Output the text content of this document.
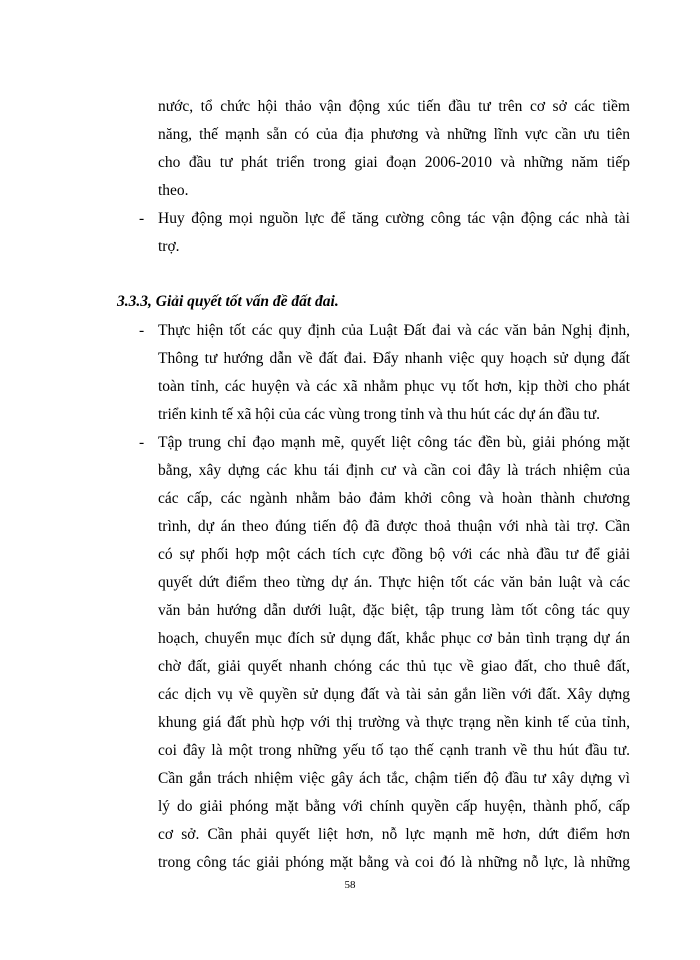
nước, tổ chức hội thảo vận động xúc tiến đầu tư trên cơ sở các tiềm
năng, thế mạnh sẵn có của địa phương và những lĩnh vực cần ưu tiên
cho đầu tư phát triển trong giai đoạn 2006-2010 và những năm tiếp
theo.
- Huy động mọi nguồn lực để tăng cường công tác vận động các nhà tài
trợ.
3.3.3, Giải quyết tốt vấn đề đất đai.
- Thực hiện tốt các quy định của Luật Đất đai và các văn bản Nghị định,
Thông tư hướng dẫn về đất đai. Đẩy nhanh việc quy hoạch sử dụng đất
toàn tỉnh, các huyện và các xã nhằm phục vụ tốt hơn, kịp thời cho phát
triển kinh tế xã hội của các vùng trong tỉnh và thu hút các dự án đầu tư.
- Tập trung chỉ đạo mạnh mẽ, quyết liệt công tác đền bù, giải phóng mặt
bằng, xây dựng các khu tái định cư và cần coi đây là trách nhiệm của
các cấp, các ngành nhằm bảo đảm khởi công và hoàn thành chương
trình, dự án theo đúng tiến độ đã được thoả thuận với nhà tài trợ. Cần
có sự phối hợp một cách tích cực đồng bộ với các nhà đầu tư để giải
quyết dứt điểm theo từng dự án. Thực hiện tốt các văn bản luật và các
văn bản hướng dẫn dưới luật, đặc biệt, tập trung làm tốt công tác quy
hoạch, chuyển mục đích sử dụng đất, khắc phục cơ bản tình trạng dự án
chờ đất, giải quyết nhanh chóng các thủ tục về giao đất, cho thuê đất,
các dịch vụ về quyền sử dụng đất và tài sản gắn liền với đất. Xây dựng
khung giá đất phù hợp với thị trường và thực trạng nền kinh tế của tỉnh,
coi đây là một trong những yếu tố tạo thế cạnh tranh về thu hút đầu tư.
Cần gắn trách nhiệm việc gây ách tắc, chậm tiến độ đầu tư xây dựng vì
lý do giải phóng mặt bằng với chính quyền cấp huyện, thành phố, cấp
cơ sở. Cần phải quyết liệt hơn, nỗ lực mạnh mẽ hơn, dứt điểm hơn
trong công tác giải phóng mặt bằng và coi đó là những nỗ lực, là những
58
